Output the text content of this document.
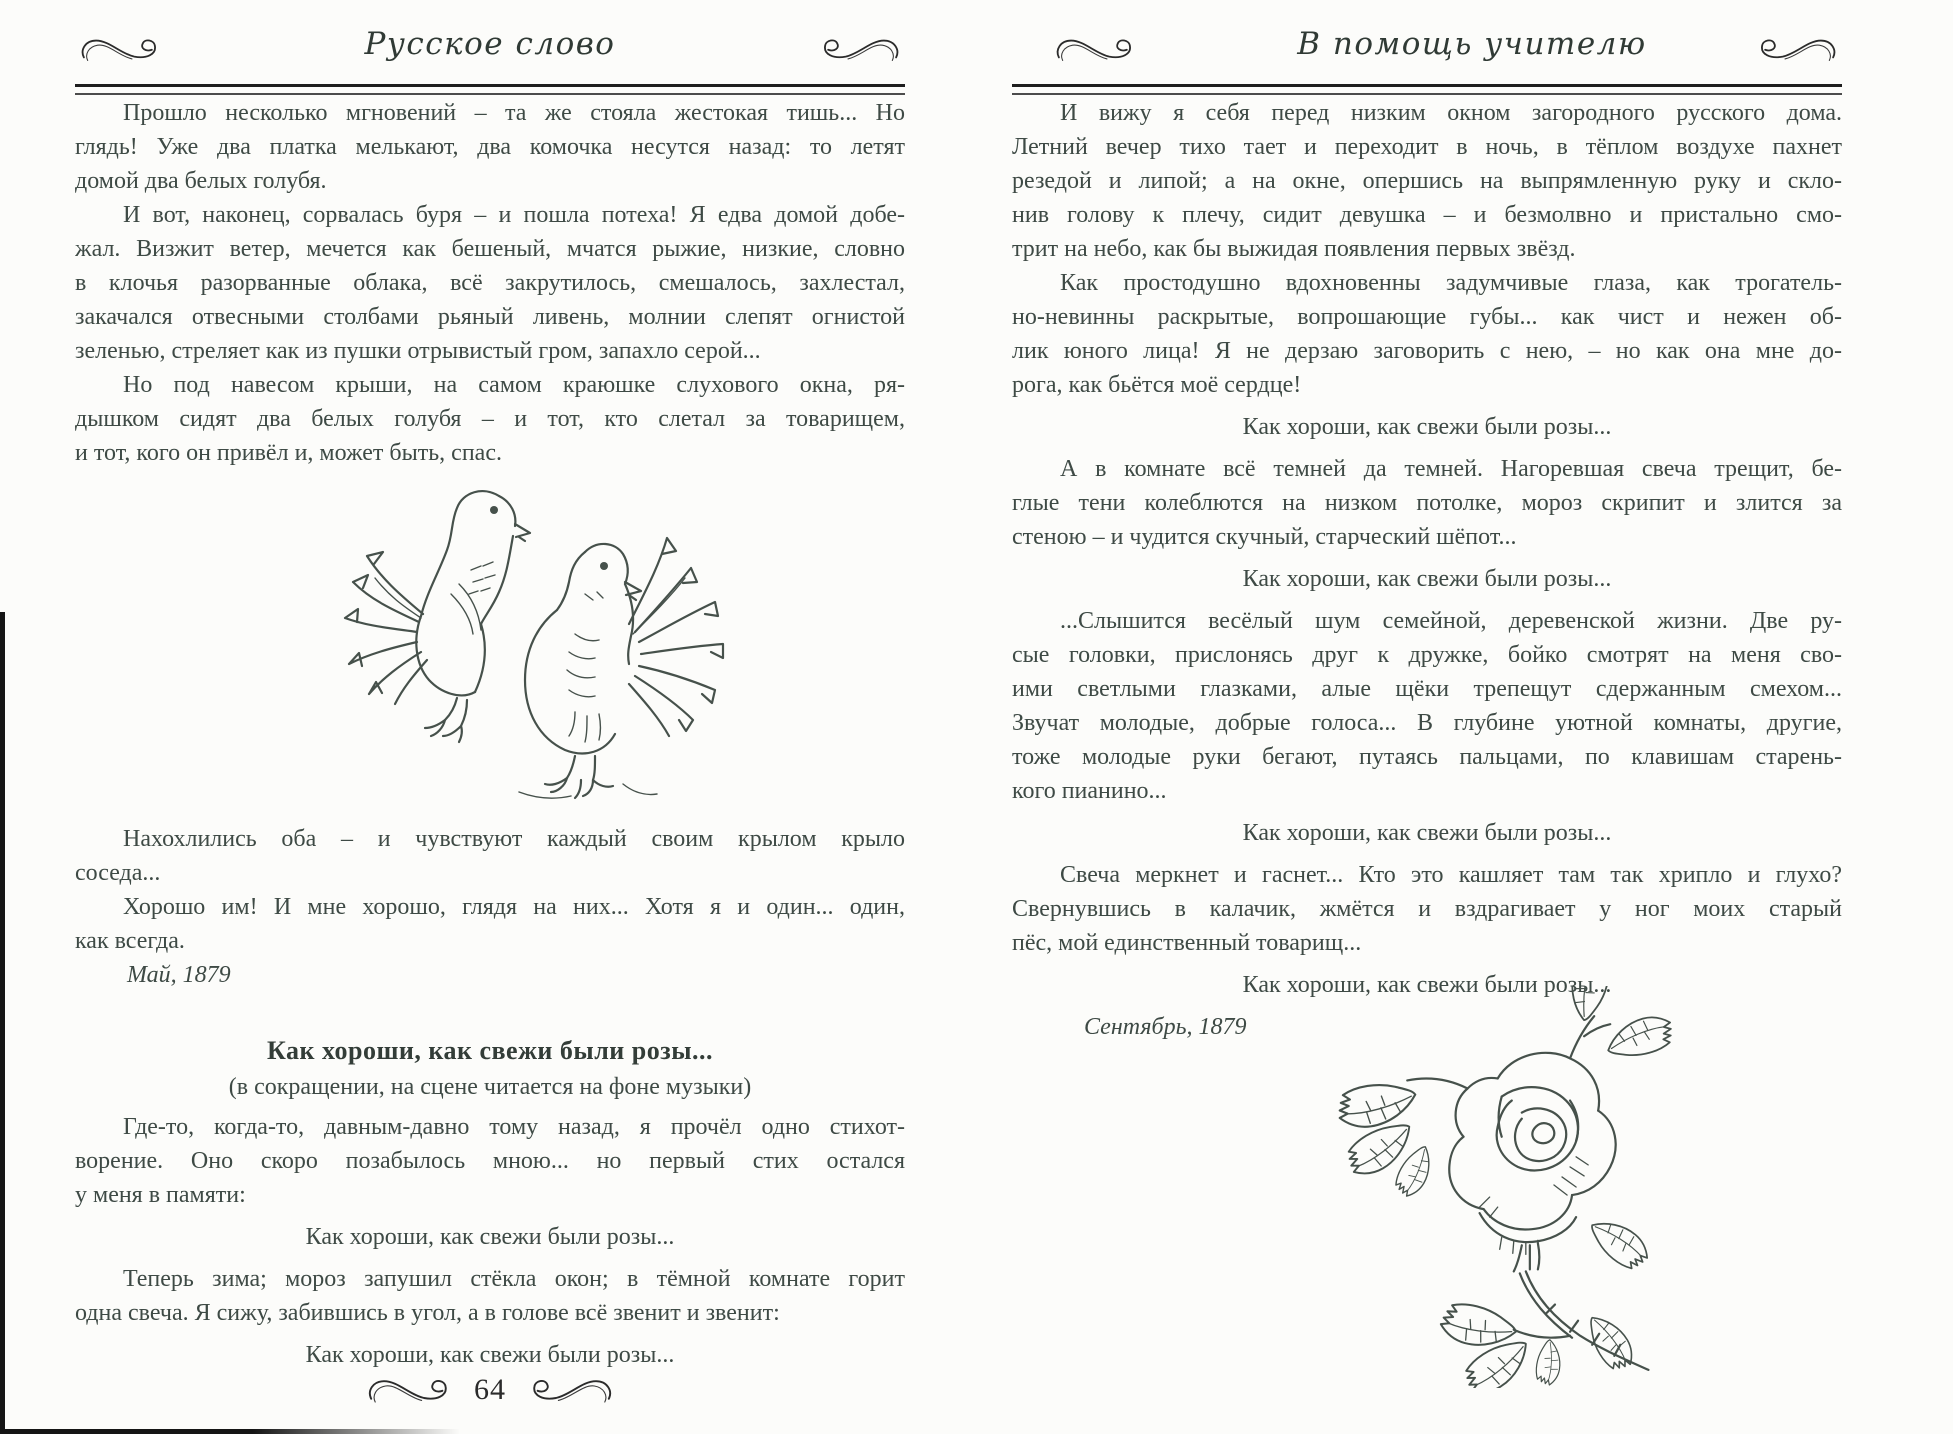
Русское слово
Прошло несколько мгновений – та же стояла жестокая тишь... Но
глядь! Уже два платка мелькают, два комочка несутся назад: то летят
домой два белых голубя.
И вот, наконец, сорвалась буря – и пошла потеха! Я едва домой добе-
жал. Визжит ветер, мечется как бешеный, мчатся рыжие, низкие, словно
в клочья разорванные облака, всё закрутилось, смешалось, захлестал,
закачался отвесными столбами рьяный ливень, молнии слепят огнистой
зеленью, стреляет как из пушки отрывистый гром, запахло серой...
Но под навесом крыши, на самом краюшке слухового окна, ря-
дышком сидят два белых голубя – и тот, кто слетал за товарищем,
и тот, кого он привёл и, может быть, спас.
Нахохлились оба – и чувствуют каждый своим крылом крыло
соседа...
Хорошо им! И мне хорошо, глядя на них... Хотя я и один... один,
как всегда.
Май, 1879
Как хороши, как свежи были розы...
(в сокращении, на сцене читается на фоне музыки)
Где-то, когда-то, давным-давно тому назад, я прочёл одно стихот-
ворение. Оно скоро позабылось мною... но первый стих остался
у меня в памяти:
Как хороши, как свежи были розы...
Теперь зима; мороз запушил стёкла окон; в тёмной комнате горит
одна свеча. Я сижу, забившись в угол, а в голове всё звенит и звенит:
Как хороши, как свежи были розы...
64
В помощь учителю
И вижу я себя перед низким окном загородного русского дома.
Летний вечер тихо тает и переходит в ночь, в тёплом воздухе пахнет
резедой и липой; а на окне, опершись на выпрямленную руку и скло-
нив голову к плечу, сидит девушка – и безмолвно и пристально смо-
трит на небо, как бы выжидая появления первых звёзд.
Как простодушно вдохновенны задумчивые глаза, как трогатель-
но-невинны раскрытые, вопрошающие губы... как чист и нежен об-
лик юного лица! Я не дерзаю заговорить с нею, – но как она мне до-
рога, как бьётся моё сердце!
Как хороши, как свежи были розы...
А в комнате всё темней да темней. Нагоревшая свеча трещит, бе-
глые тени колеблются на низком потолке, мороз скрипит и злится за
стеною – и чудится скучный, старческий шёпот...
Как хороши, как свежи были розы...
...Слышится весёлый шум семейной, деревенской жизни. Две ру-
сые головки, прислонясь друг к дружке, бойко смотрят на меня сво-
ими светлыми глазками, алые щёки трепещут сдержанным смехом...
Звучат молодые, добрые голоса... В глубине уютной комнаты, другие,
тоже молодые руки бегают, путаясь пальцами, по клавишам старень-
кого пианино...
Как хороши, как свежи были розы...
Свеча меркнет и гаснет... Кто это кашляет там так хрипло и глухо?
Свернувшись в калачик, жмётся и вздрагивает у ног моих старый
пёс, мой единственный товарищ...
Как хороши, как свежи были розы...
Сентябрь, 1879
